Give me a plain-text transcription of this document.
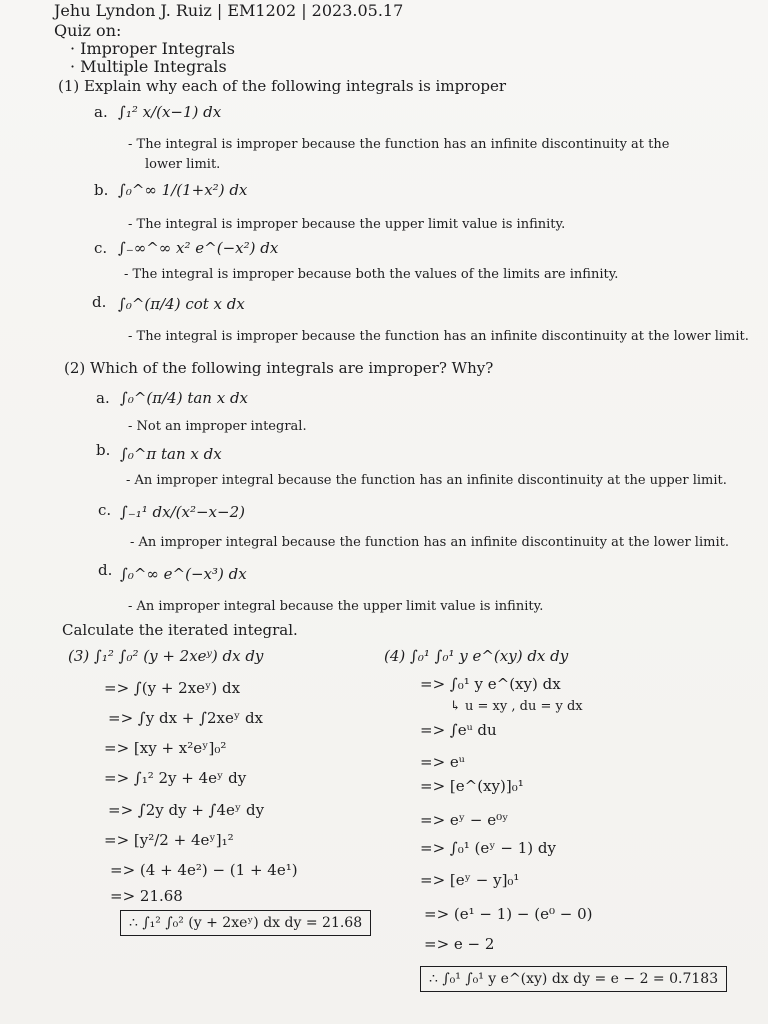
Jehu Lyndon J. Ruiz | EM1202 | 2023.05.17
Quiz on:
· Improper Integrals
· Multiple Integrals
(1) Explain why each of the following integrals is improper
a. ∫₁² x/(x−1) dx
- The integral is improper because the function has an infinite discontinuity at the
lower limit.
b. ∫₀^∞ 1/(1+x²) dx
- The integral is improper because the upper limit value is infinity.
c. ∫₋∞^∞ x² e^(−x²) dx
- The integral is improper because both the values of the limits are infinity.
d. ∫₀^(π/4) cot x dx
- The integral is improper because the function has an infinite discontinuity at the lower limit.
(2) Which of the following integrals are improper? Why?
a. ∫₀^(π/4) tan x dx
- Not an improper integral.
b. ∫₀^π tan x dx
- An improper integral because the function has an infinite discontinuity at the upper limit.
c. ∫₋₁¹ dx/(x²−x−2)
- An improper integral because the function has an infinite discontinuity at the lower limit.
d. ∫₀^∞ e^(−x³) dx
- An improper integral because the upper limit value is infinity.
Calculate the iterated integral.
(3) ∫₁² ∫₀² (y + 2xeʸ) dx dy
=> ∫(y + 2xeʸ) dx
=> ∫y dx + ∫2xeʸ dx
=> [xy + x²eʸ]₀²
=> ∫₁² 2y + 4eʸ dy
=> ∫2y dy + ∫4eʸ dy
=> [y²/2 + 4eʸ]₁²
=> (4 + 4e²) − (1 + 4e¹)
=> 21.68
∴ ∫₁² ∫₀² (y + 2xeʸ) dx dy = 21.68
(4) ∫₀¹ ∫₀¹ y e^(xy) dx dy
=> ∫₀¹ y e^(xy) dx
↳ u = xy , du = y dx
=> ∫eᵘ du
=> eᵘ
=> [e^(xy)]₀¹
=> eʸ − e⁰ʸ
=> ∫₀¹ (eʸ − 1) dy
=> [eʸ − y]₀¹
=> (e¹ − 1) − (e⁰ − 0)
=> e − 2
∴ ∫₀¹ ∫₀¹ y e^(xy) dx dy = e − 2 = 0.7183
